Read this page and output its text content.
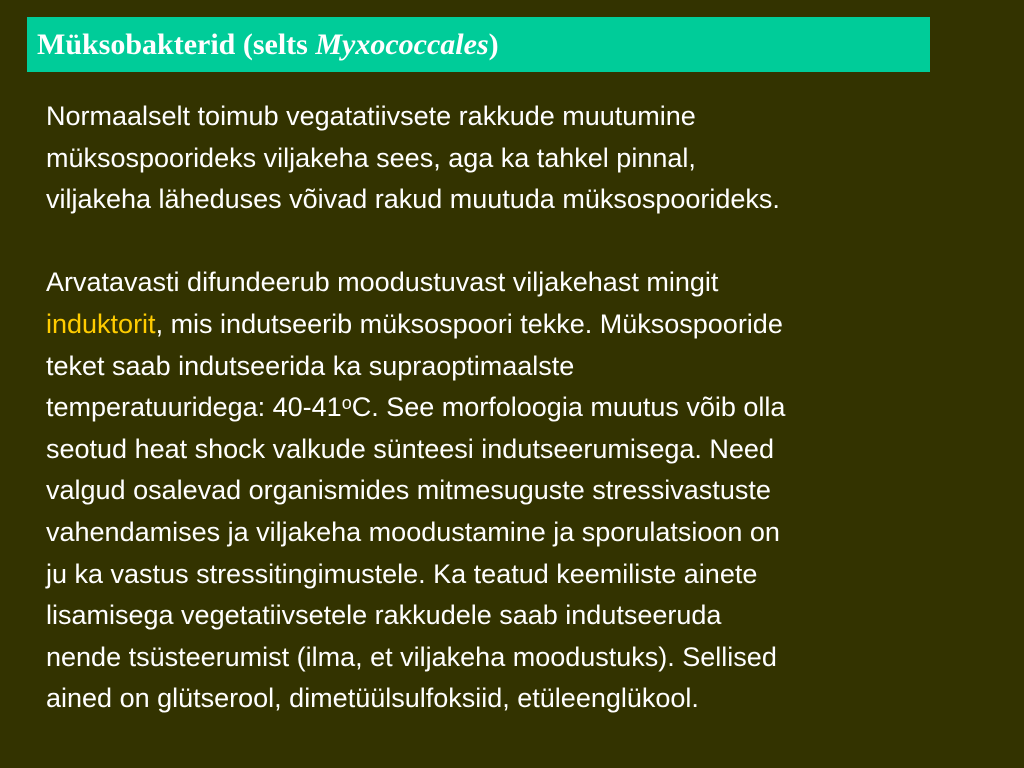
Müksobakterid (selts Myxococcales)

Normaalselt toimub vegatatiivsete rakkude muutumine
müksospoorideks viljakeha sees, aga ka tahkel pinnal,
viljakeha läheduses võivad rakud muutuda müksospoorideks.

Arvatavasti difundeerub moodustuvast viljakehast mingit
induktorit, mis indutseerib müksospoori tekke. Müksospooride
teket saab indutseerida ka supraoptimaalste
temperatuuridega: 40-41$^o$C. See morfoloogia muutus võib olla
seotud heat shock valkude sünteesi indutseerumisega. Need
valgud osalevad organismides mitmesuguste stressivastuste
vahendamises ja viljakeha moodustamine ja sporulatsioon on
ju ka vastus stressitingimustele. Ka teatud keemiliste ainete
lisamisega vegetatiivsetele rakkudele saab indutseeruda
nende tsüsteerumist (ilma, et viljakeha moodustuks). Sellised
ained on glütserool, dimetüülsulfoksiid, etüleenglükool.
